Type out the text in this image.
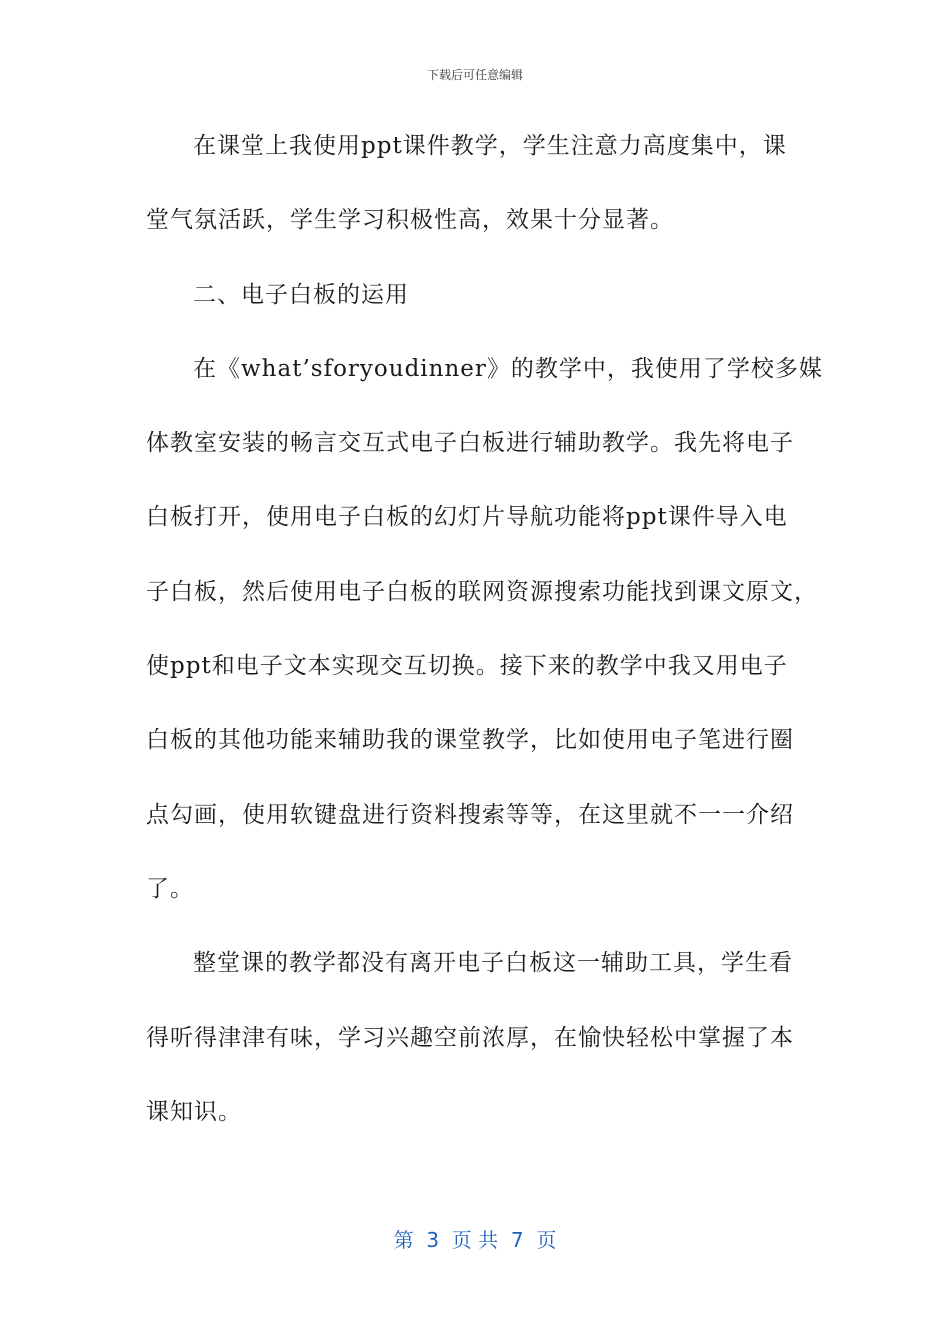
下载后可任意编辑
在课堂上我使用ppt课件教学，学生注意力高度集中，课
堂气氛活跃，学生学习积极性高，效果十分显著。
二、电子白板的运用
在《what’sforyoudinner》的教学中，我使用了学校多媒
体教室安装的畅言交互式电子白板进行辅助教学。我先将电子
白板打开，使用电子白板的幻灯片导航功能将ppt课件导入电
子白板，然后使用电子白板的联网资源搜索功能找到课文原文，
使ppt和电子文本实现交互切换。接下来的教学中我又用电子
白板的其他功能来辅助我的课堂教学，比如使用电子笔进行圈
点勾画，使用软键盘进行资料搜索等等，在这里就不一一介绍
了。
整堂课的教学都没有离开电子白板这一辅助工具，学生看
得听得津津有味，学习兴趣空前浓厚，在愉快轻松中掌握了本
课知识。
第  3  页 共  7  页
